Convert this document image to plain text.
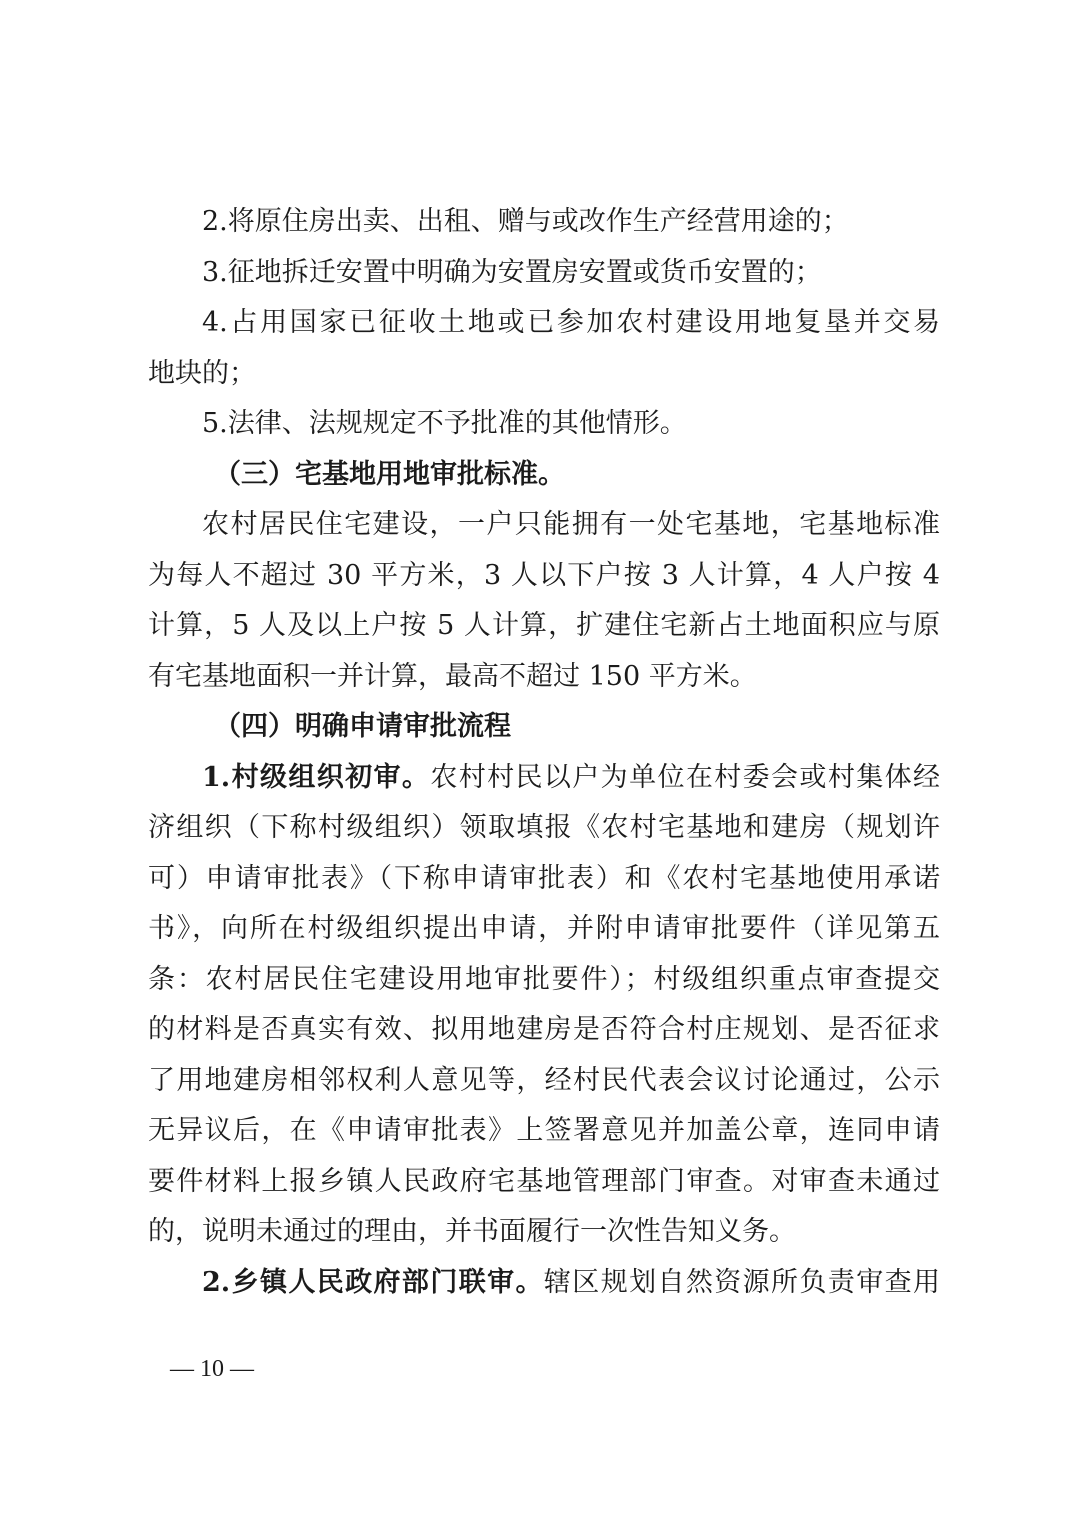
2.将原住房出卖、出租、赠与或改作生产经营用途的；
3.征地拆迁安置中明确为安置房安置或货币安置的；
4.占用国家已征收土地或已参加农村建设用地复垦并交易
地块的；
5.法律、法规规定不予批准的其他情形。
（三）宅基地用地审批标准。
农村居民住宅建设，一户只能拥有一处宅基地，宅基地标准
为每人不超过 30 平方米，3 人以下户按 3 人计算，4 人户按 4
计算，5 人及以上户按 5 人计算，扩建住宅新占土地面积应与原
有宅基地面积一并计算，最高不超过 150 平方米。
（四）明确申请审批流程
1.村级组织初审。农村村民以户为单位在村委会或村集体经
济组织（下称村级组织）领取填报《农村宅基地和建房（规划许
可）申请审批表》（下称申请审批表）和《农村宅基地使用承诺
书》，向所在村级组织提出申请，并附申请审批要件（详见第五
条：农村居民住宅建设用地审批要件）；村级组织重点审查提交
的材料是否真实有效、拟用地建房是否符合村庄规划、是否征求
了用地建房相邻权利人意见等，经村民代表会议讨论通过，公示
无异议后，在《申请审批表》上签署意见并加盖公章，连同申请
要件材料上报乡镇人民政府宅基地管理部门审查。对审查未通过
的，说明未通过的理由，并书面履行一次性告知义务。
2.乡镇人民政府部门联审。辖区规划自然资源所负责审查用
— 10 —
